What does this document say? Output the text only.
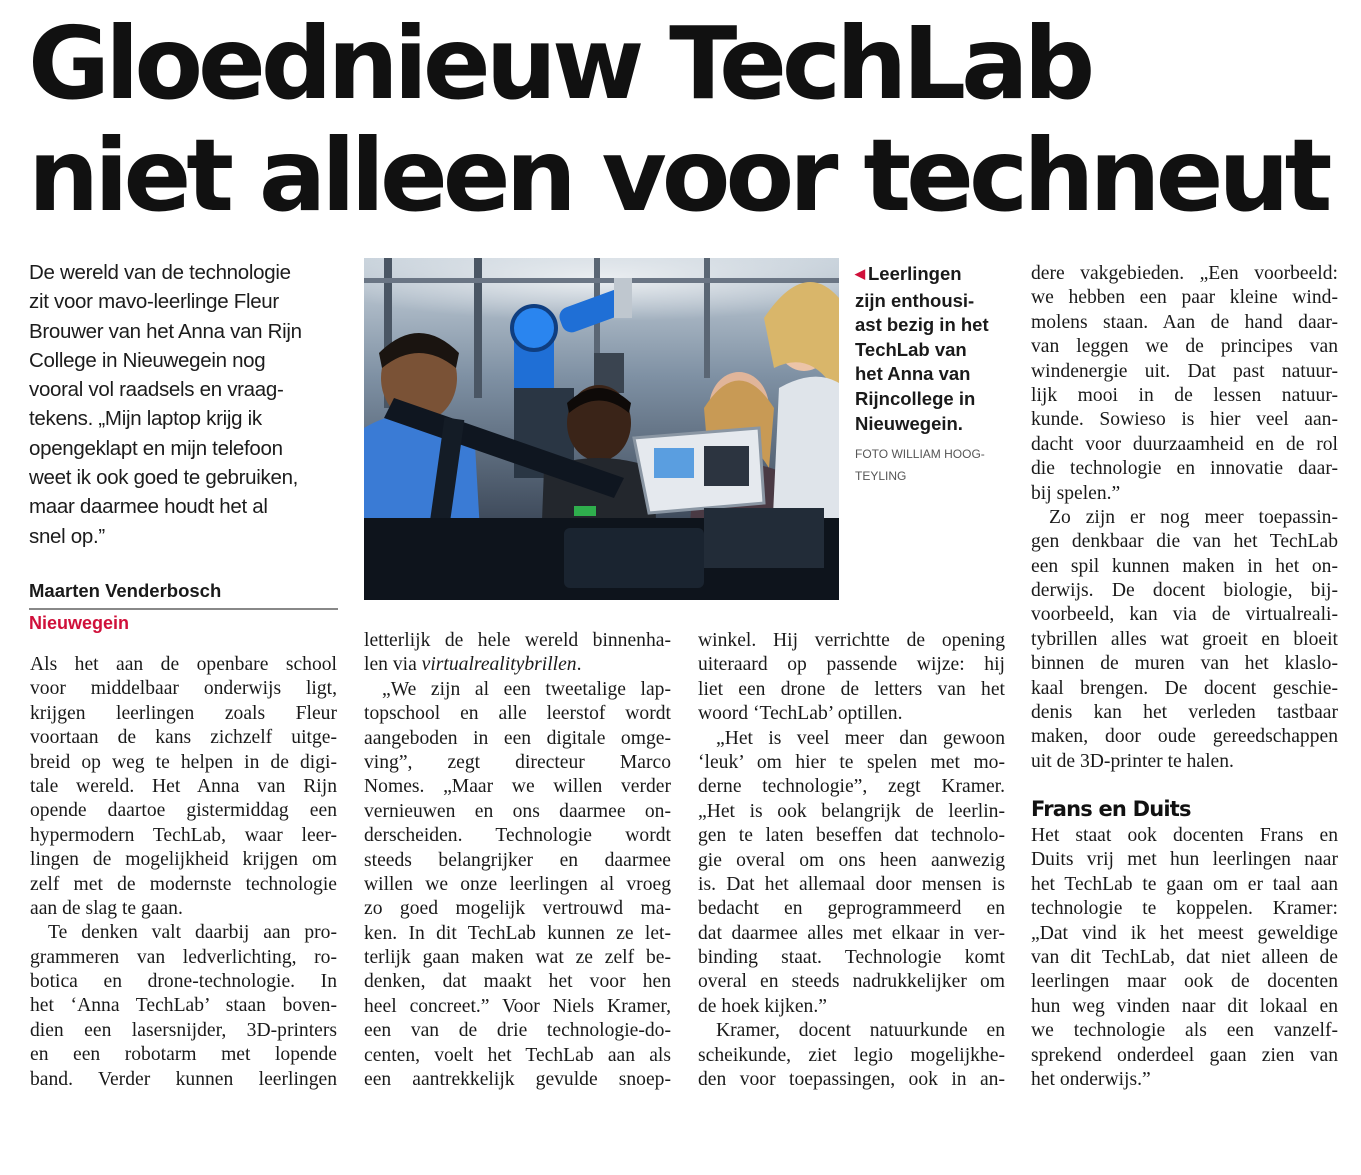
Gloednieuw TechLab
niet alleen voor techneut
De wereld van de technologie
zit voor mavo-leerlinge Fleur
Brouwer van het Anna van Rijn
College in Nieuwegein nog
vooral vol raadsels en vraag-
tekens. „Mijn laptop krijg ik
opengeklapt en mijn telefoon
weet ik ook goed te gebruiken,
maar daarmee houdt het al
snel op.”
Maarten Venderbosch
Nieuwegein
◀ Leerlingen
zijn enthousi-
ast bezig in het
TechLab van
het Anna van
Rijncollege in
Nieuwegein.
FOTO WILLIAM HOOG-
TEYLING
Als het aan de openbare school
voor middelbaar onderwijs ligt,
krijgen leerlingen zoals Fleur
voortaan de kans zichzelf uitge-
breid op weg te helpen in de digi-
tale wereld. Het Anna van Rijn
opende daartoe gistermiddag een
hypermodern TechLab, waar leer-
lingen de mogelijkheid krijgen om
zelf met de modernste technologie
aan de slag te gaan.
Te denken valt daarbij aan pro-
grammeren van ledverlichting, ro-
botica en drone-technologie. In
het ‘Anna TechLab’ staan boven-
dien een lasersnijder, 3D-printers
en een robotarm met lopende
band. Verder kunnen leerlingen
letterlijk de hele wereld binnenha-
len via virtualrealitybrillen.
„We zijn al een tweetalige lap-
topschool en alle leerstof wordt
aangeboden in een digitale omge-
ving”, zegt directeur Marco
Nomes. „Maar we willen verder
vernieuwen en ons daarmee on-
derscheiden. Technologie wordt
steeds belangrijker en daarmee
willen we onze leerlingen al vroeg
zo goed mogelijk vertrouwd ma-
ken. In dit TechLab kunnen ze let-
terlijk gaan maken wat ze zelf be-
denken, dat maakt het voor hen
heel concreet.” Voor Niels Kramer,
een van de drie technologie-do-
centen, voelt het TechLab aan als
een aantrekkelijk gevulde snoep-
winkel. Hij verrichtte de opening
uiteraard op passende wijze: hij
liet een drone de letters van het
woord ‘TechLab’ optillen.
„Het is veel meer dan gewoon
‘leuk’ om hier te spelen met mo-
derne technologie”, zegt Kramer.
„Het is ook belangrijk de leerlin-
gen te laten beseffen dat technolo-
gie overal om ons heen aanwezig
is. Dat het allemaal door mensen is
bedacht en geprogrammeerd en
dat daarmee alles met elkaar in ver-
binding staat. Technologie komt
overal en steeds nadrukkelijker om
de hoek kijken.”
Kramer, docent natuurkunde en
scheikunde, ziet legio mogelijkhe-
den voor toepassingen, ook in an-
dere vakgebieden. „Een voorbeeld:
we hebben een paar kleine wind-
molens staan. Aan de hand daar-
van leggen we de principes van
windenergie uit. Dat past natuur-
lijk mooi in de lessen natuur-
kunde. Sowieso is hier veel aan-
dacht voor duurzaamheid en de rol
die technologie en innovatie daar-
bij spelen.”
Zo zijn er nog meer toepassin-
gen denkbaar die van het TechLab
een spil kunnen maken in het on-
derwijs. De docent biologie, bij-
voorbeeld, kan via de virtualreali-
tybrillen alles wat groeit en bloeit
binnen de muren van het klaslo-
kaal brengen. De docent geschie-
denis kan het verleden tastbaar
maken, door oude gereedschappen
uit de 3D-printer te halen.
Frans en Duits
Het staat ook docenten Frans en
Duits vrij met hun leerlingen naar
het TechLab te gaan om er taal aan
technologie te koppelen. Kramer:
„Dat vind ik het meest geweldige
van dit TechLab, dat niet alleen de
leerlingen maar ook de docenten
hun weg vinden naar dit lokaal en
we technologie als een vanzelf-
sprekend onderdeel gaan zien van
het onderwijs.”
